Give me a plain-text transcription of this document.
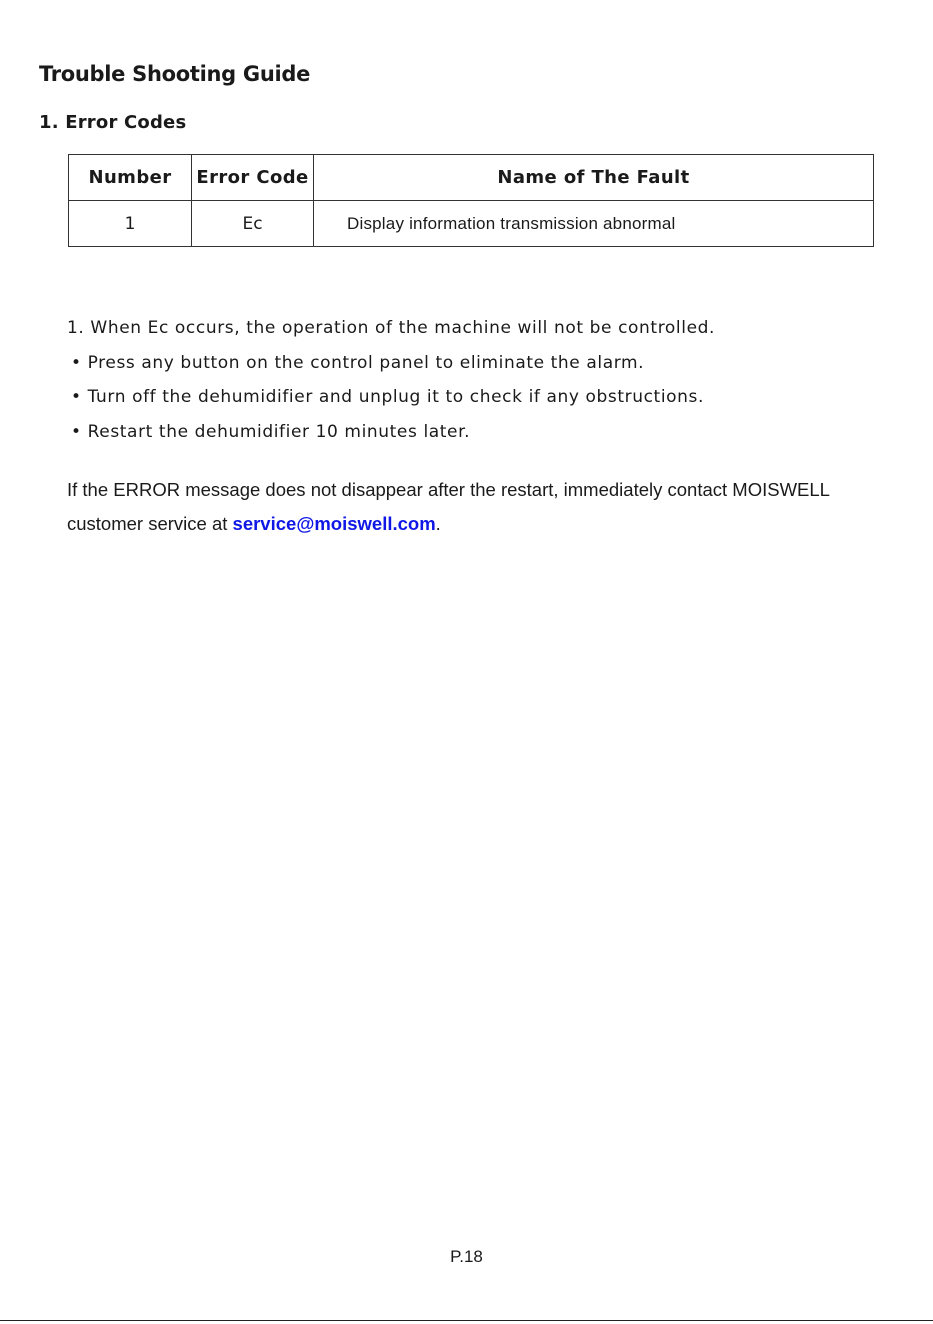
Trouble Shooting Guide
1. Error Codes
Number	Error Code	Name of The Fault
1	Ec	Display information transmission abnormal
1. When Ec occurs, the operation of the machine will not be controlled.
• Press any button on the control panel to eliminate the alarm.
• Turn off the dehumidifier and unplug it to check if any obstructions.
• Restart the dehumidifier 10 minutes later.
If the ERROR message does not disappear after the restart, immediately contact MOISWELL customer service at service@moiswell.com.
P.18
